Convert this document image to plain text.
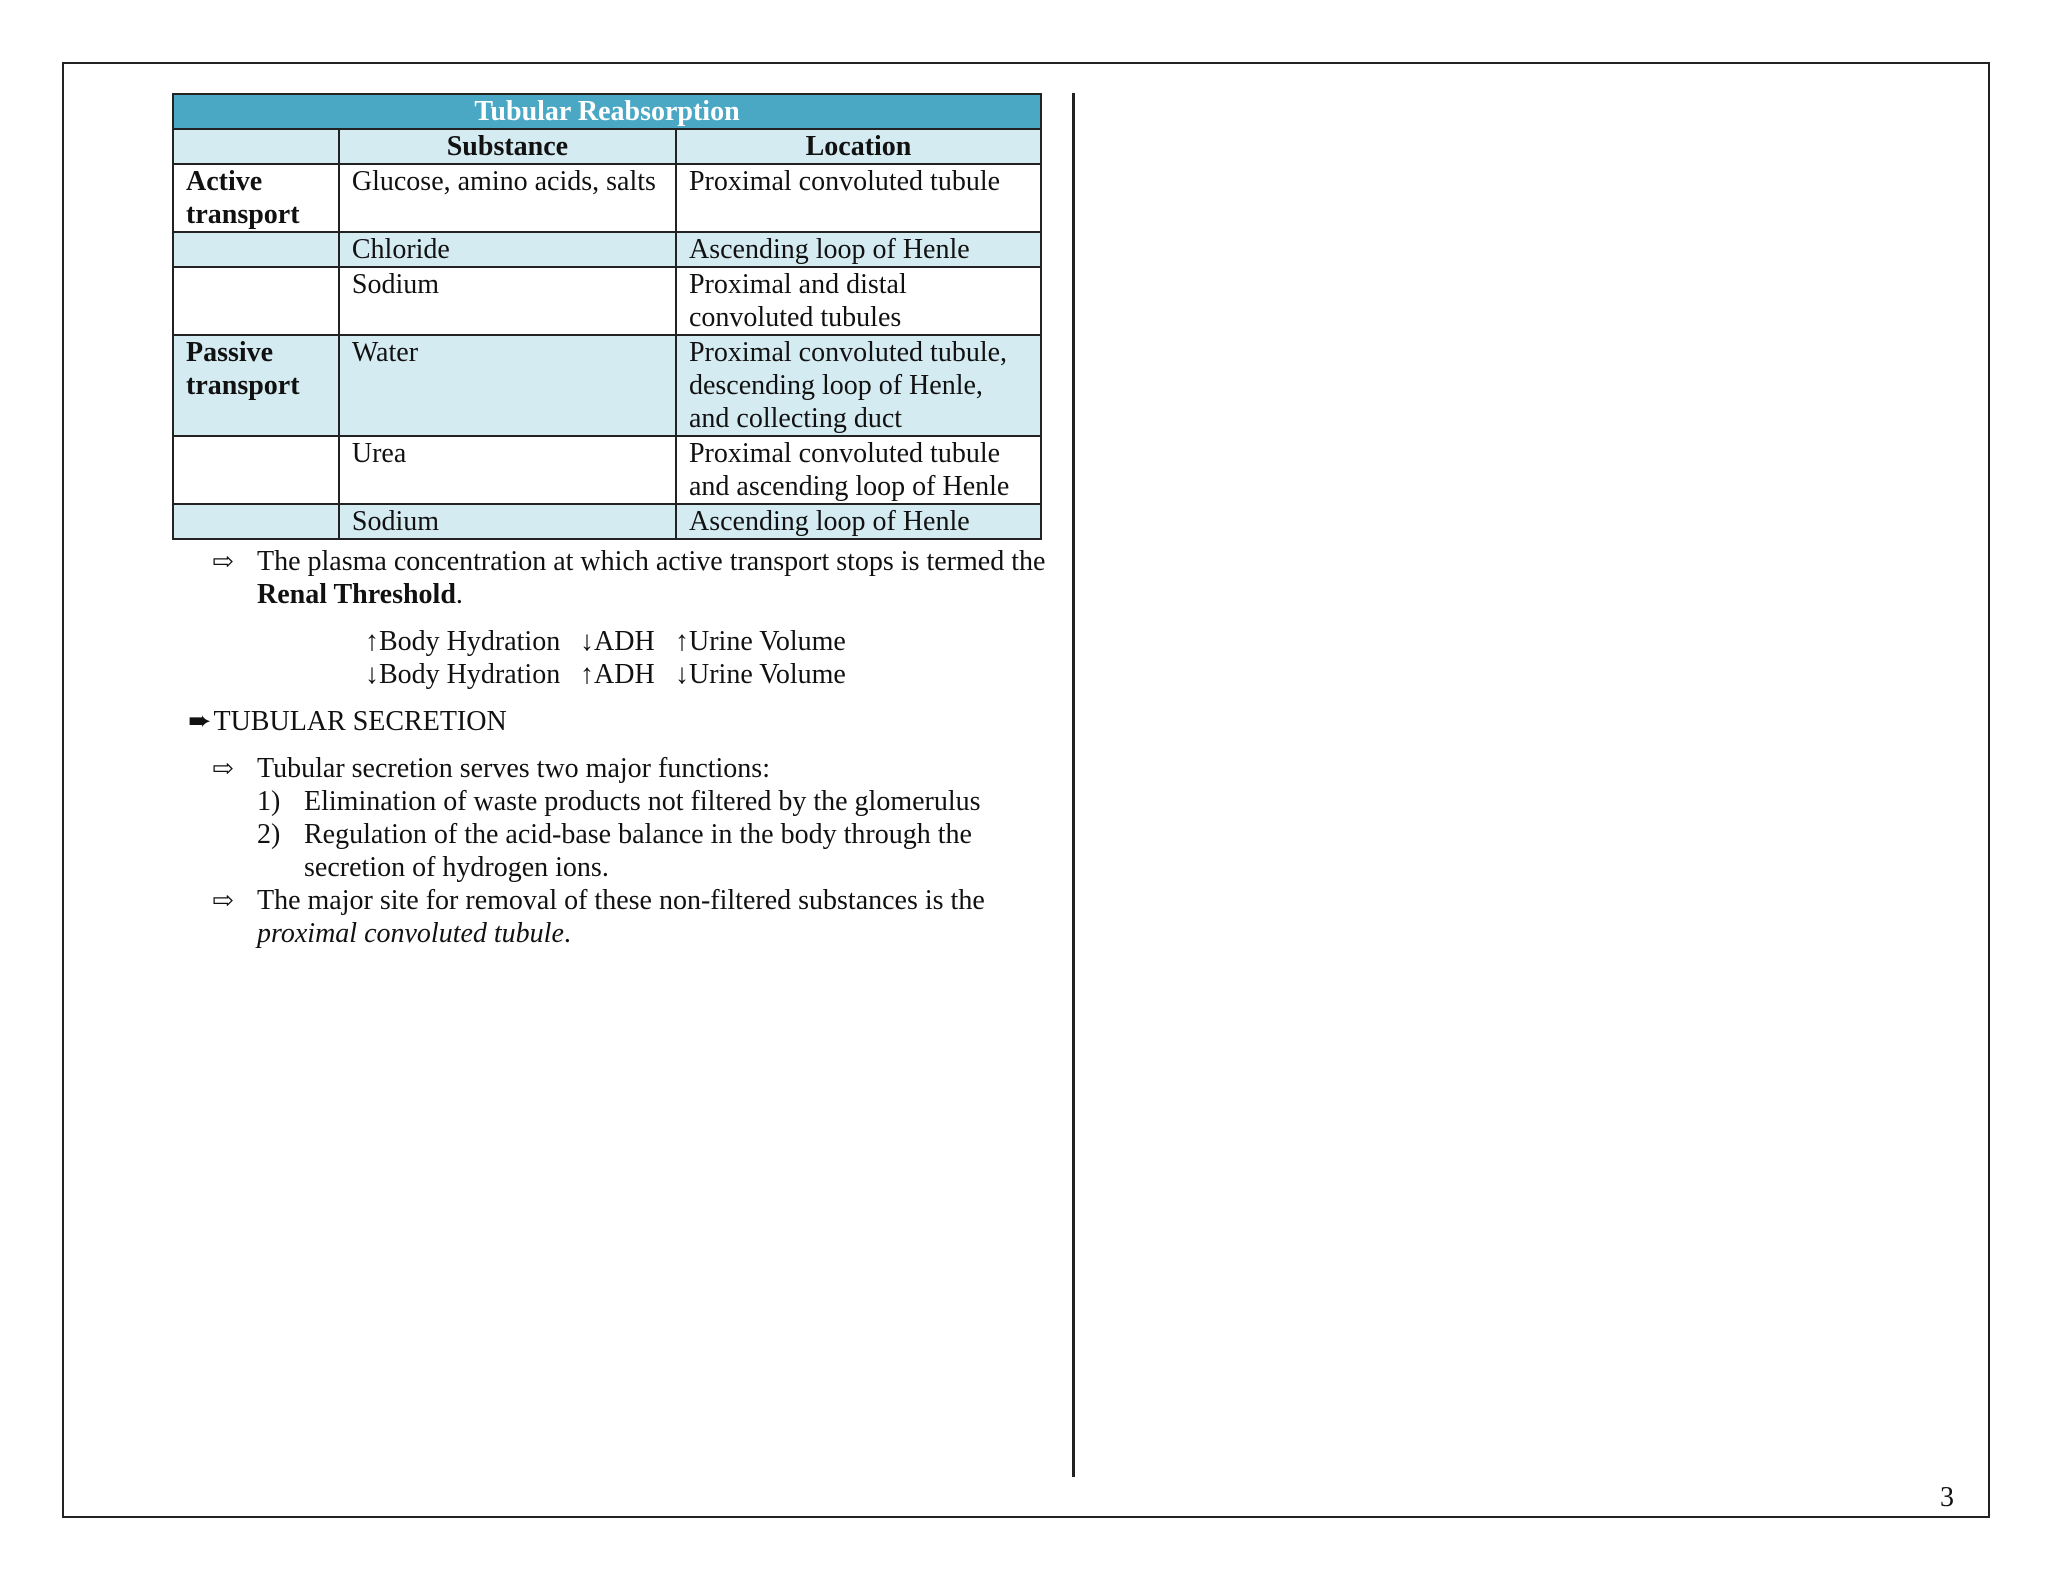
Tubular Reabsorption		
	Substance	Location
Active transport	Glucose, amino acids, salts	Proximal convoluted tubule
	Chloride	Ascending loop of Henle
	Sodium	Proximal and distal convoluted tubules
Passive transport	Water	Proximal convoluted tubule, descending loop of Henle, and collecting duct
	Urea	Proximal convoluted tubule and ascending loop of Henle
	Sodium	Ascending loop of Henle
⇨ The plasma concentration at which active transport stops is termed the Renal Threshold.
↑Body Hydration ↓ADH ↑Urine Volume
↓Body Hydration ↑ADH ↓Urine Volume
➨TUBULAR SECRETION
⇨ Tubular secretion serves two major functions:
1) Elimination of waste products not filtered by the glomerulus
2) Regulation of the acid-base balance in the body through the secretion of hydrogen ions.
⇨ The major site for removal of these non-filtered substances is the proximal convoluted tubule.
3
